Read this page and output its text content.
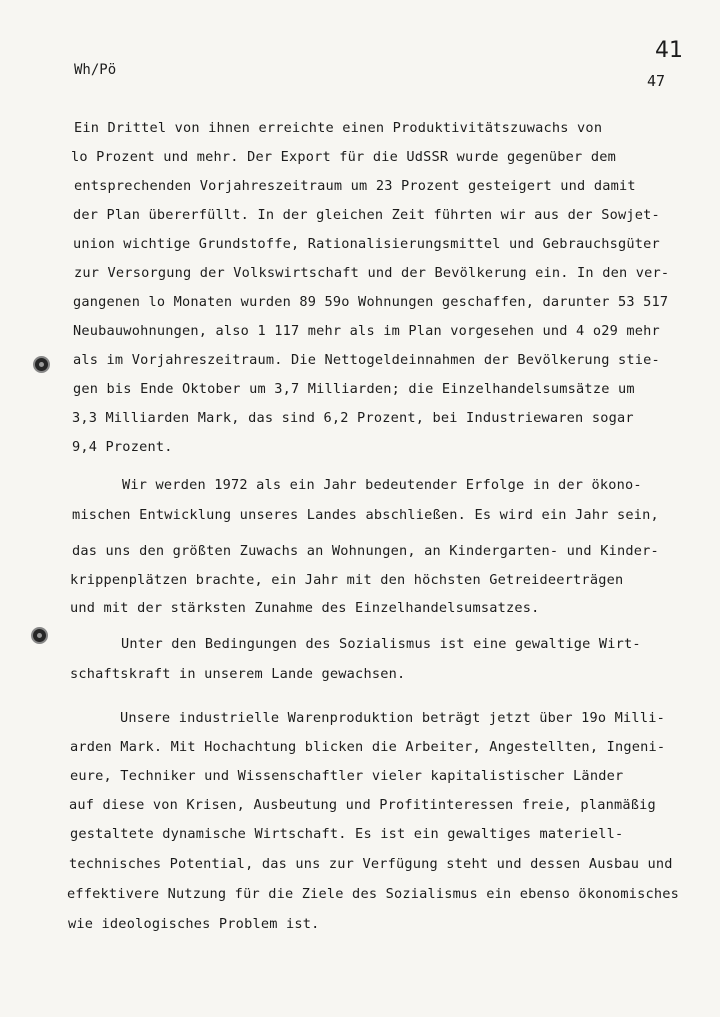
Wh/Pö
41
47
Ein Drittel von ihnen erreichte einen Produktivitätszuwachs von
lo Prozent und mehr. Der Export für die UdSSR wurde gegenüber dem
entsprechenden Vorjahreszeitraum um 23 Prozent gesteigert und damit
der Plan übererfüllt. In der gleichen Zeit führten wir aus der Sowjet-
union wichtige Grundstoffe, Rationalisierungsmittel und Gebrauchsgüter
zur Versorgung der Volkswirtschaft und der Bevölkerung ein. In den ver-
gangenen lo Monaten wurden 89 59o Wohnungen geschaffen, darunter 53 517
Neubauwohnungen, also 1 117 mehr als im Plan vorgesehen und 4 o29 mehr
als im Vorjahreszeitraum. Die Nettogeldeinnahmen der Bevölkerung stie-
gen bis Ende Oktober um 3,7 Milliarden; die Einzelhandelsumsätze um
3,3 Milliarden Mark, das sind 6,2 Prozent, bei Industriewaren sogar
9,4 Prozent.
Wir werden 1972 als ein Jahr bedeutender Erfolge in der ökono-
mischen Entwicklung unseres Landes abschließen. Es wird ein Jahr sein,
das uns den größten Zuwachs an Wohnungen, an Kindergarten- und Kinder-
krippenplätzen brachte, ein Jahr mit den höchsten Getreideerträgen
und mit der stärksten Zunahme des Einzelhandelsumsatzes.
Unter den Bedingungen des Sozialismus ist eine gewaltige Wirt-
schaftskraft in unserem Lande gewachsen.
Unsere industrielle Warenproduktion beträgt jetzt über 19o Milli-
arden Mark. Mit Hochachtung blicken die Arbeiter, Angestellten, Ingeni-
eure, Techniker und Wissenschaftler vieler kapitalistischer Länder
auf diese von Krisen, Ausbeutung und Profitinteressen freie, planmäßig
gestaltete dynamische Wirtschaft. Es ist ein gewaltiges materiell-
technisches Potential, das uns zur Verfügung steht und dessen Ausbau und
effektivere Nutzung für die Ziele des Sozialismus ein ebenso ökonomisches
wie ideologisches Problem ist.
